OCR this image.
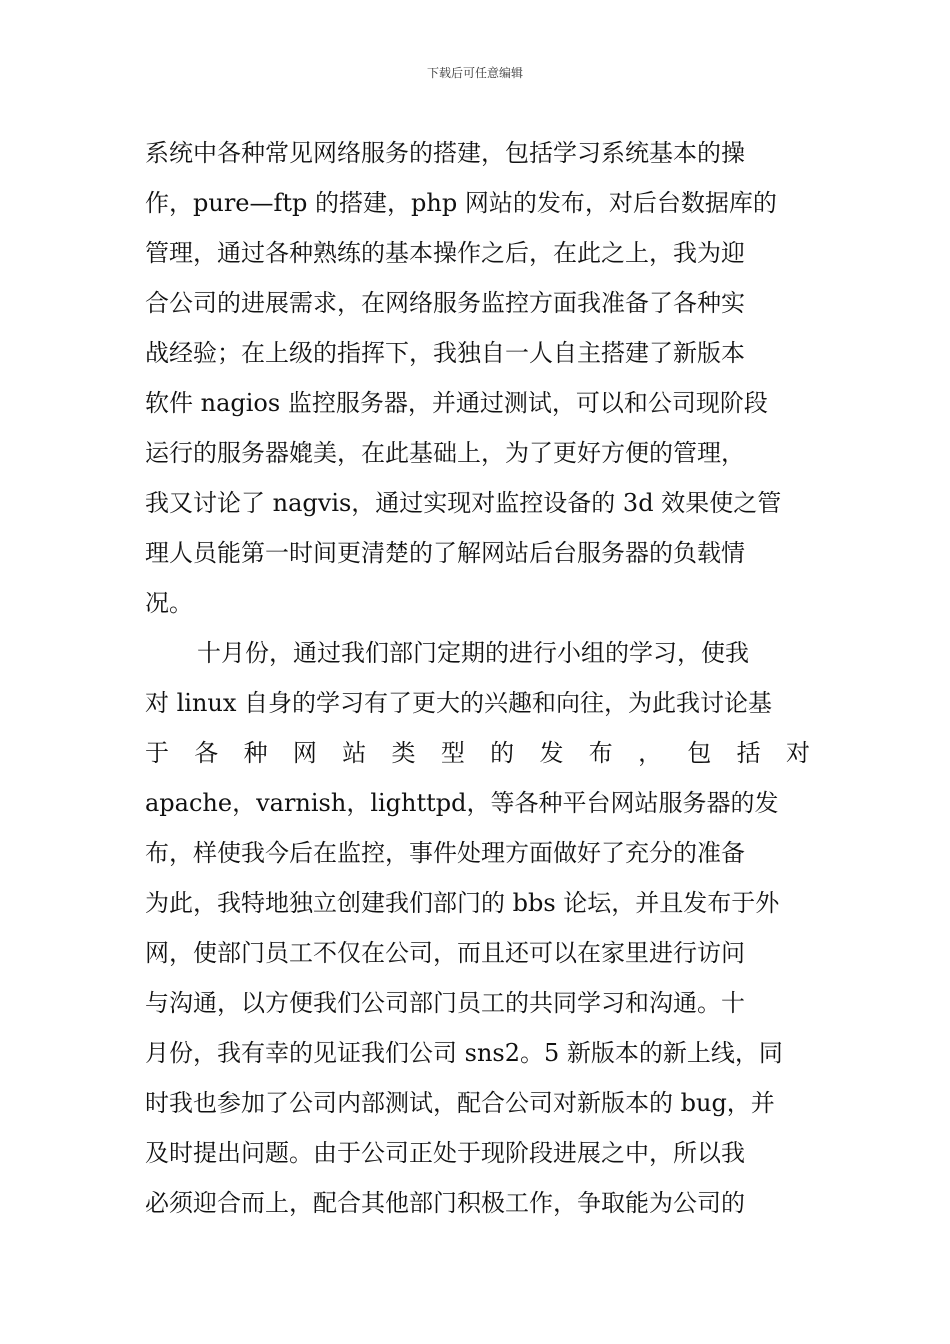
下载后可任意编辑
系统中各种常见网络服务的搭建，包括学习系统基本的操
作，pure—ftp 的搭建，php 网站的发布，对后台数据库的
管理，通过各种熟练的基本操作之后，在此之上，我为迎
合公司的进展需求，在网络服务监控方面我准备了各种实
战经验；在上级的指挥下，我独自一人自主搭建了新版本
软件 nagios 监控服务器，并通过测试，可以和公司现阶段
运行的服务器媲美，在此基础上，为了更好方便的管理，
我又讨论了 nagvis，通过实现对监控设备的 3d 效果使之管
理人员能第一时间更清楚的了解网站后台服务器的负载情
况。
十月份，通过我们部门定期的进行小组的学习，使我
对 linux 自身的学习有了更大的兴趣和向往，为此我讨论基
于 各 种 网 站 类 型 的 发 布 ， 包 括 对
apache，varnish，lighttpd，等各种平台网站服务器的发
布，样使我今后在监控，事件处理方面做好了充分的准备
为此，我特地独立创建我们部门的 bbs 论坛，并且发布于外
网，使部门员工不仅在公司，而且还可以在家里进行访问
与沟通，以方便我们公司部门员工的共同学习和沟通。十
月份，我有幸的见证我们公司 sns2。5 新版本的新上线，同
时我也参加了公司内部测试，配合公司对新版本的 bug，并
及时提出问题。由于公司正处于现阶段进展之中，所以我
必须迎合而上，配合其他部门积极工作，争取能为公司的
